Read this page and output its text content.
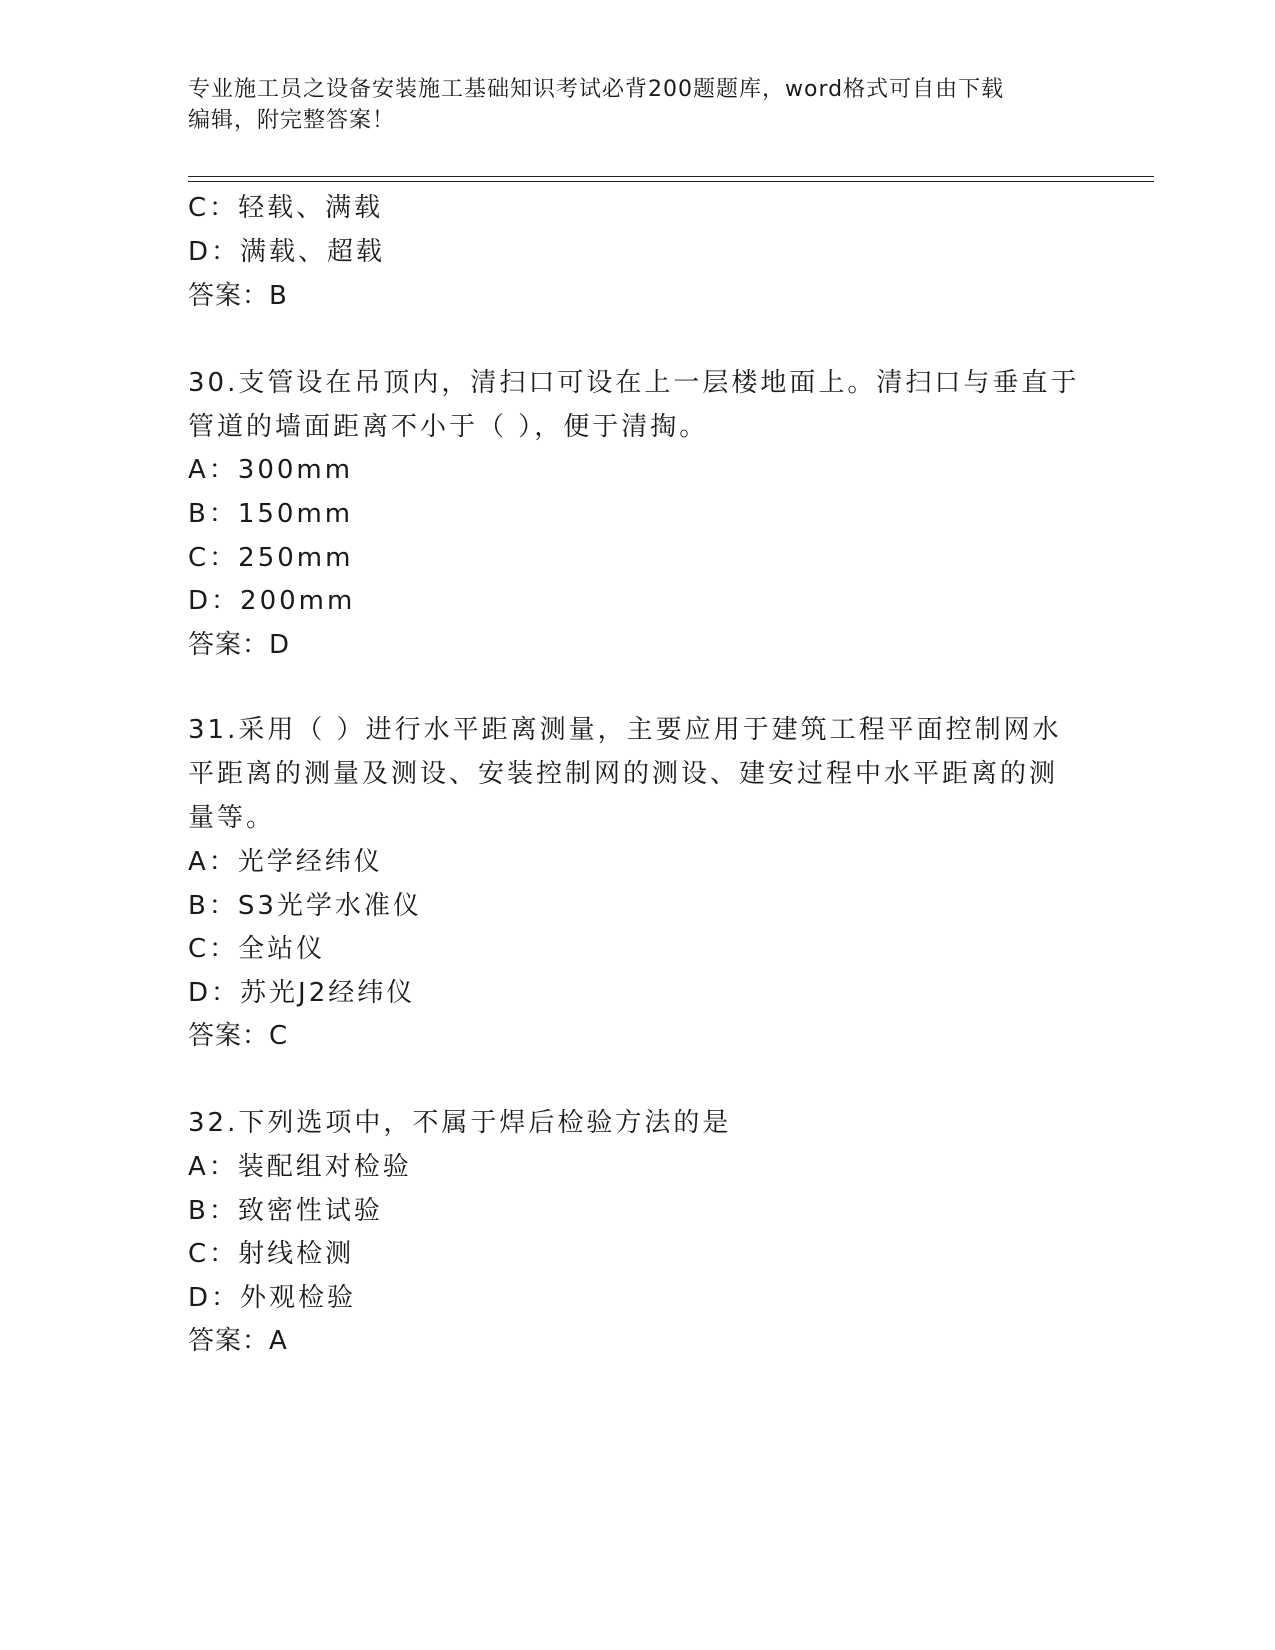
专业施工员之设备安装施工基础知识考试必背200题题库，word格式可自由下载
编辑，附完整答案！
C：轻载、满载
D：满载、超载
答案：B
30.支管设在吊顶内，清扫口可设在上一层楼地面上。清扫口与垂直于
管道的墙面距离不小于（ ），便于清掏。
A：300mm
B：150mm
C：250mm
D：200mm
答案：D
31.采用（ ）进行水平距离测量，主要应用于建筑工程平面控制网水
平距离的测量及测设、安装控制网的测设、建安过程中水平距离的测
量等。
A：光学经纬仪
B：S3光学水准仪
C：全站仪
D：苏光J2经纬仪
答案：C
32.下列选项中，不属于焊后检验方法的是
A：装配组对检验
B：致密性试验
C：射线检测
D：外观检验
答案：A
